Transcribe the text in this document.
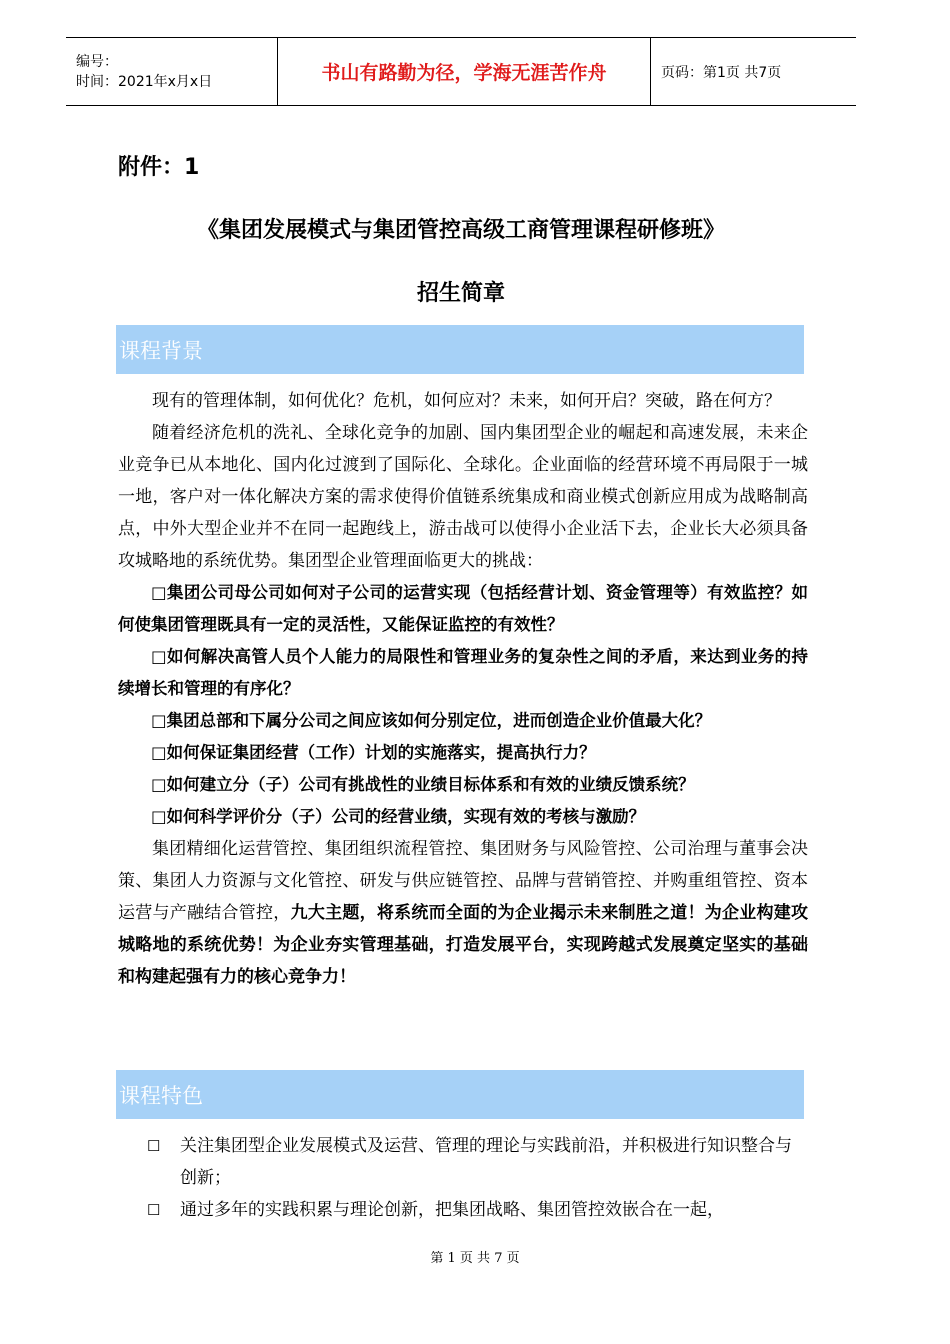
编号：
时间：2021年x月x日	书山有路勤为径，学海无涯苦作舟	页码：第1页 共7页
附件：1
《集团发展模式与集团管控高级工商管理课程研修班》
招生简章
课程背景

现有的管理体制，如何优化？危机，如何应对？未来，如何开启？突破，路在何方？

随着经济危机的洗礼、全球化竞争的加剧、国内集团型企业的崛起和高速发展，未来企业竞争已从本地化、国内化过渡到了国际化、全球化。企业面临的经营环境不再局限于一城一地，客户对一体化解决方案的需求使得价值链系统集成和商业模式创新应用成为战略制高点，中外大型企业并不在同一起跑线上，游击战可以使得小企业活下去，企业长大必须具备攻城略地的系统优势。集团型企业管理面临更大的挑战：

□集团公司母公司如何对子公司的运营实现（包括经营计划、资金管理等）有效监控？如何使集团管理既具有一定的灵活性，又能保证监控的有效性？

□如何解决高管人员个人能力的局限性和管理业务的复杂性之间的矛盾，来达到业务的持续增长和管理的有序化？

□集团总部和下属分公司之间应该如何分别定位，进而创造企业价值最大化？

□如何保证集团经营（工作）计划的实施落实，提高执行力？

□如何建立分（子）公司有挑战性的业绩目标体系和有效的业绩反馈系统？

□如何科学评价分（子）公司的经营业绩，实现有效的考核与激励？

集团精细化运营管控、集团组织流程管控、集团财务与风险管控、公司治理与董事会决策、集团人力资源与文化管控、研发与供应链管控、品牌与营销管控、并购重组管控、资本运营与产融结合管控，九大主题，将系统而全面的为企业揭示未来制胜之道！为企业构建攻城略地的系统优势！为企业夯实管理基础，打造发展平台，实现跨越式发展奠定坚实的基础和构建起强有力的核心竞争力！

课程特色
☐	关注集团型企业发展模式及运营、管理的理论与实践前沿，并积极进行知识整合与创新；
☐	通过多年的实践积累与理论创新，把集团战略、集团管控效嵌合在一起，
第 1 页 共 7 页
